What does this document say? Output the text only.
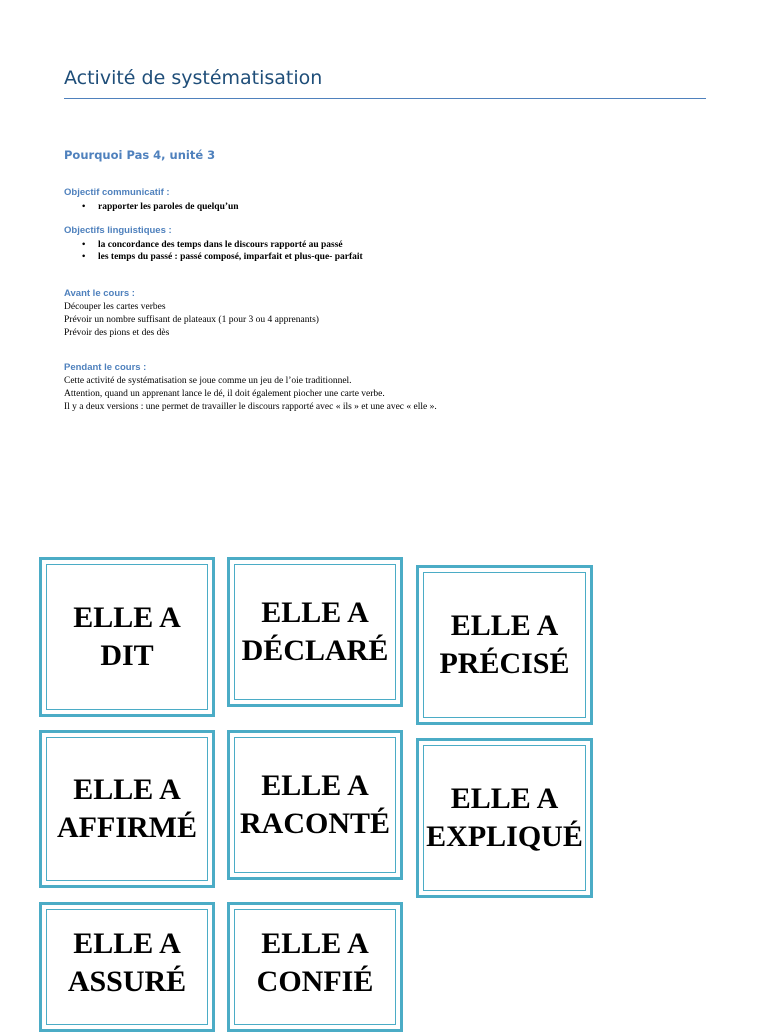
Activité de systématisation
Pourquoi Pas 4, unité 3
Objectif communicatif :
• rapporter les paroles de quelqu’un
Objectifs linguistiques :
• la concordance des temps dans le discours rapporté au passé
• les temps du passé : passé composé, imparfait et plus-que- parfait
Avant le cours :
Découper les cartes verbes
Prévoir un nombre suffisant de plateaux (1 pour 3 ou 4 apprenants)
Prévoir des pions et des dès
Pendant le cours :
Cette activité de systématisation se joue comme un jeu de l’oie traditionnel.
Attention, quand un apprenant lance le dé, il doit également piocher une carte verbe.
Il y a deux versions : une permet de travailler le discours rapporté avec « ils » et une avec « elle ».
ELLE A
DIT
ELLE A
DÉCLARÉ
ELLE A
PRÉCISÉ
ELLE A
AFFIRMÉ
ELLE A
RACONTÉ
ELLE A
EXPLIQUÉ
ELLE A
ASSURÉ
ELLE A
CONFIÉ
